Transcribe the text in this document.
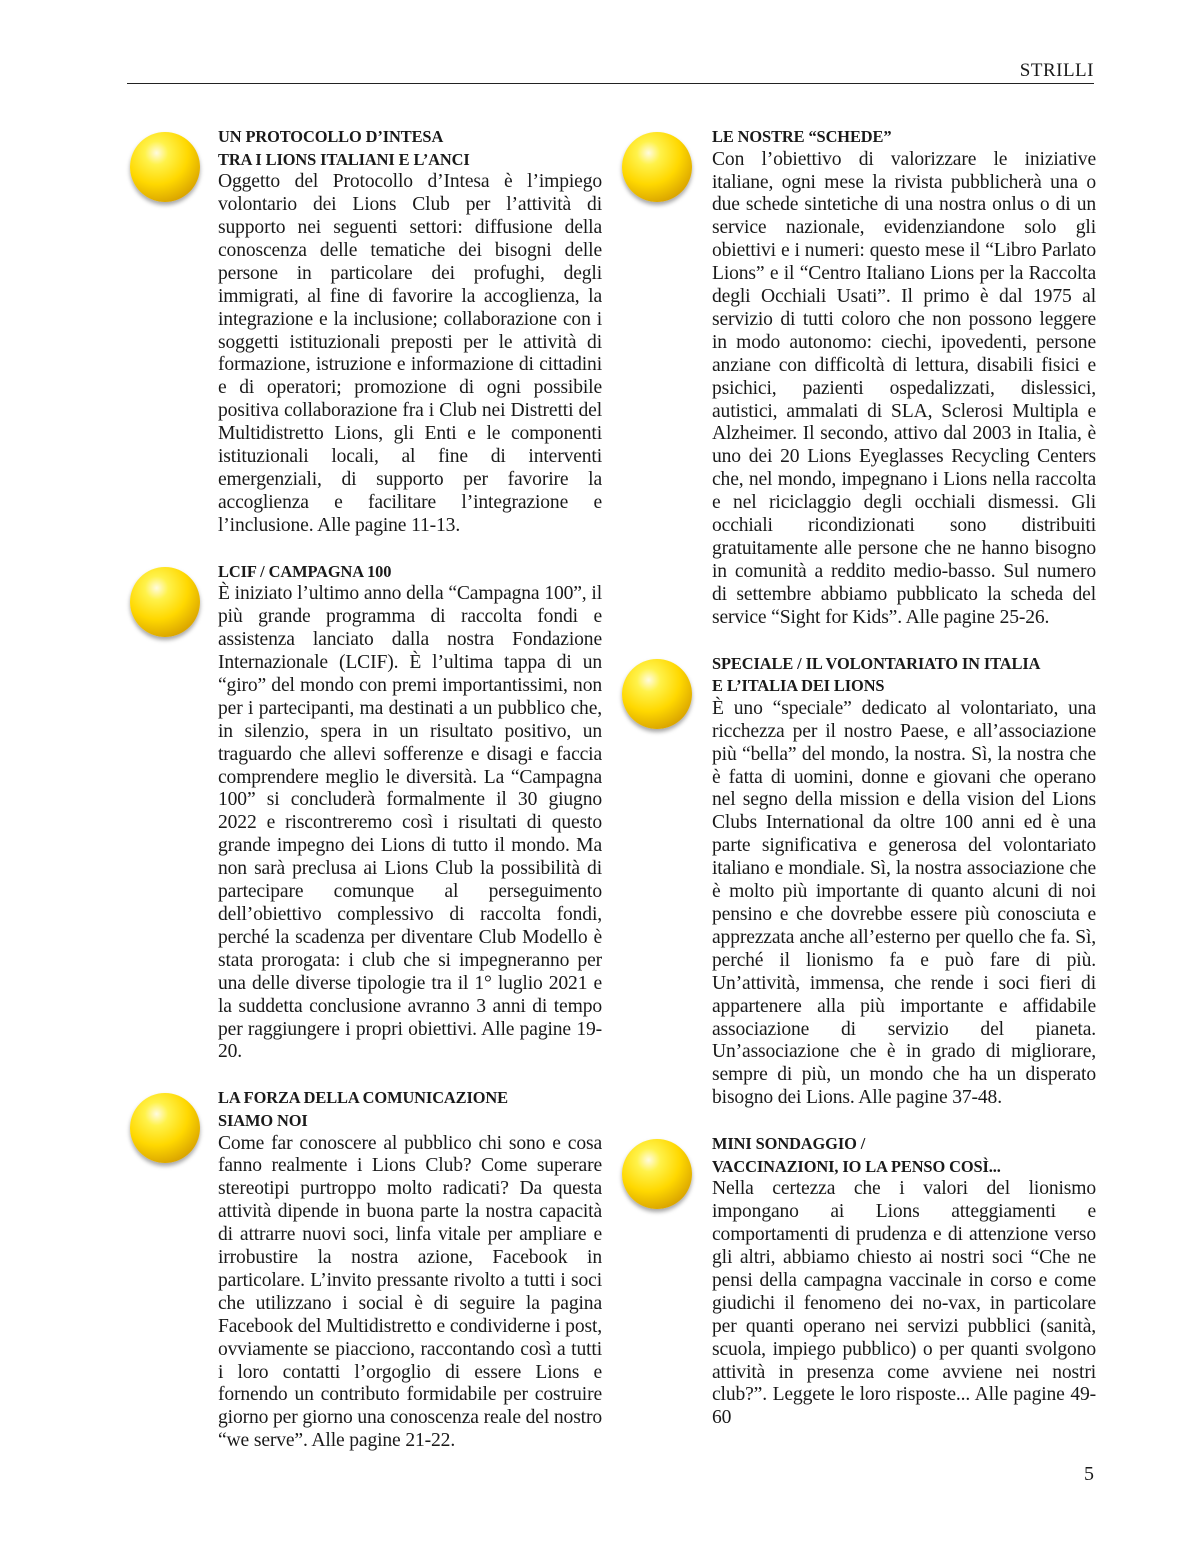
STRILLI

UN PROTOCOLLO D’INTESA
TRA I LIONS ITALIANI E L’ANCI

Oggetto del Protocollo d’Intesa è l’impiego volontario dei Lions Club per l’attività di supporto nei seguenti settori: diffusione della conoscenza delle tematiche dei bisogni delle persone in particolare dei profughi, degli immigrati, al fine di favorire la accoglienza, la integrazione e la inclusione; collaborazione con i soggetti istituzionali preposti per le attività di formazione, istruzione e informazione di cittadini e di operatori; promozione di ogni possibile positiva collaborazione fra i Club nei Distretti del Multidistretto Lions, gli Enti e le componenti istituzionali locali, al fine di interventi emergenziali, di supporto per favorire la accoglienza e facilitare l’integrazione e l’inclusione. Alle pagine 11-13.

LCIF / CAMPAGNA 100

È iniziato l’ultimo anno della “Campagna 100”, il più grande programma di raccolta fondi e assistenza lanciato dalla nostra Fondazione Internazionale (LCIF). È l’ultima tappa di un “giro” del mondo con premi importantissimi, non per i partecipanti, ma destinati a un pubblico che, in silenzio, spera in un risultato positivo, un traguardo che allevi sofferenze e disagi e faccia comprendere meglio le diversità. La “Campagna 100” si concluderà formalmente il 30 giugno 2022 e riscontreremo così i risultati di questo grande impegno dei Lions di tutto il mondo. Ma non sarà preclusa ai Lions Club la possibilità di partecipare comunque al perseguimento dell’obiettivo complessivo di raccolta fondi, perché la scadenza per diventare Club Modello è stata prorogata: i club che si impegneranno per una delle diverse tipologie tra il 1° luglio 2021 e la suddetta conclusione avranno 3 anni di tempo per raggiungere i propri obiettivi. Alle pagine 19-20.

LA FORZA DELLA COMUNICAZIONE
SIAMO NOI

Come far conoscere al pubblico chi sono e cosa fanno realmente i Lions Club? Come superare stereotipi purtroppo molto radicati? Da questa attività dipende in buona parte la nostra capacità di attrarre nuovi soci, linfa vitale per ampliare e irrobustire la nostra azione, Facebook in particolare. L’invito pressante rivolto a tutti i soci che utilizzano i social è di seguire la pagina Facebook del Multidistretto e condividerne i post, ovviamente se piacciono, raccontando così a tutti i loro contatti l’orgoglio di essere Lions e fornendo un contributo formidabile per costruire giorno per giorno una conoscenza reale del nostro “we serve”. Alle pagine 21-22.

LE NOSTRE “SCHEDE”

Con l’obiettivo di valorizzare le iniziative italiane, ogni mese la rivista pubblicherà una o due schede sintetiche di una nostra onlus o di un service nazionale, evidenziandone solo gli obiettivi e i numeri: questo mese il “Libro Parlato Lions” e il “Centro Italiano Lions per la Raccolta degli Occhiali Usati”. Il primo è dal 1975 al servizio di tutti coloro che non possono leggere in modo autonomo: ciechi, ipovedenti, persone anziane con difficoltà di lettura, disabili fisici e psichici, pazienti ospedalizzati, dislessici, autistici, ammalati di SLA, Sclerosi Multipla e Alzheimer. Il secondo, attivo dal 2003 in Italia, è uno dei 20 Lions Eyeglasses Recycling Centers che, nel mondo, impegnano i Lions nella raccolta e nel riciclaggio degli occhiali dismessi. Gli occhiali ricondizionati sono distribuiti gratuitamente alle persone che ne hanno bisogno in comunità a reddito medio-basso. Sul numero di settembre abbiamo pubblicato la scheda del service “Sight for Kids”. Alle pagine 25-26.

SPECIALE / IL VOLONTARIATO IN ITALIA
E L’ITALIA DEI LIONS

È uno “speciale” dedicato al volontariato, una ricchezza per il nostro Paese, e all’associazione più “bella” del mondo, la nostra. Sì, la nostra che è fatta di uomini, donne e giovani che operano nel segno della mission e della vision del Lions Clubs International da oltre 100 anni ed è una parte significativa e generosa del volontariato italiano e mondiale. Sì, la nostra associazione che è molto più importante di quanto alcuni di noi pensino e che dovrebbe essere più conosciuta e apprezzata anche all’esterno per quello che fa. Sì, perché il lionismo fa e può fare di più. Un’attività, immensa, che rende i soci fieri di appartenere alla più importante e affidabile associazione di servizio del pianeta. Un’associazione che è in grado di migliorare, sempre di più, un mondo che ha un disperato bisogno dei Lions. Alle pagine 37-48.

MINI SONDAGGIO /
VACCINAZIONI, IO LA PENSO COSÌ...

Nella certezza che i valori del lionismo impongano ai Lions atteggiamenti e comportamenti di prudenza e di attenzione verso gli altri, abbiamo chiesto ai nostri soci “Che ne pensi della campagna vaccinale in corso e come giudichi il fenomeno dei no-vax, in particolare per quanti operano nei servizi pubblici (sanità, scuola, impiego pubblico) o per quanti svolgono attività in presenza come avviene nei nostri club?”. Leggete le loro risposte... Alle pagine 49-60

5
